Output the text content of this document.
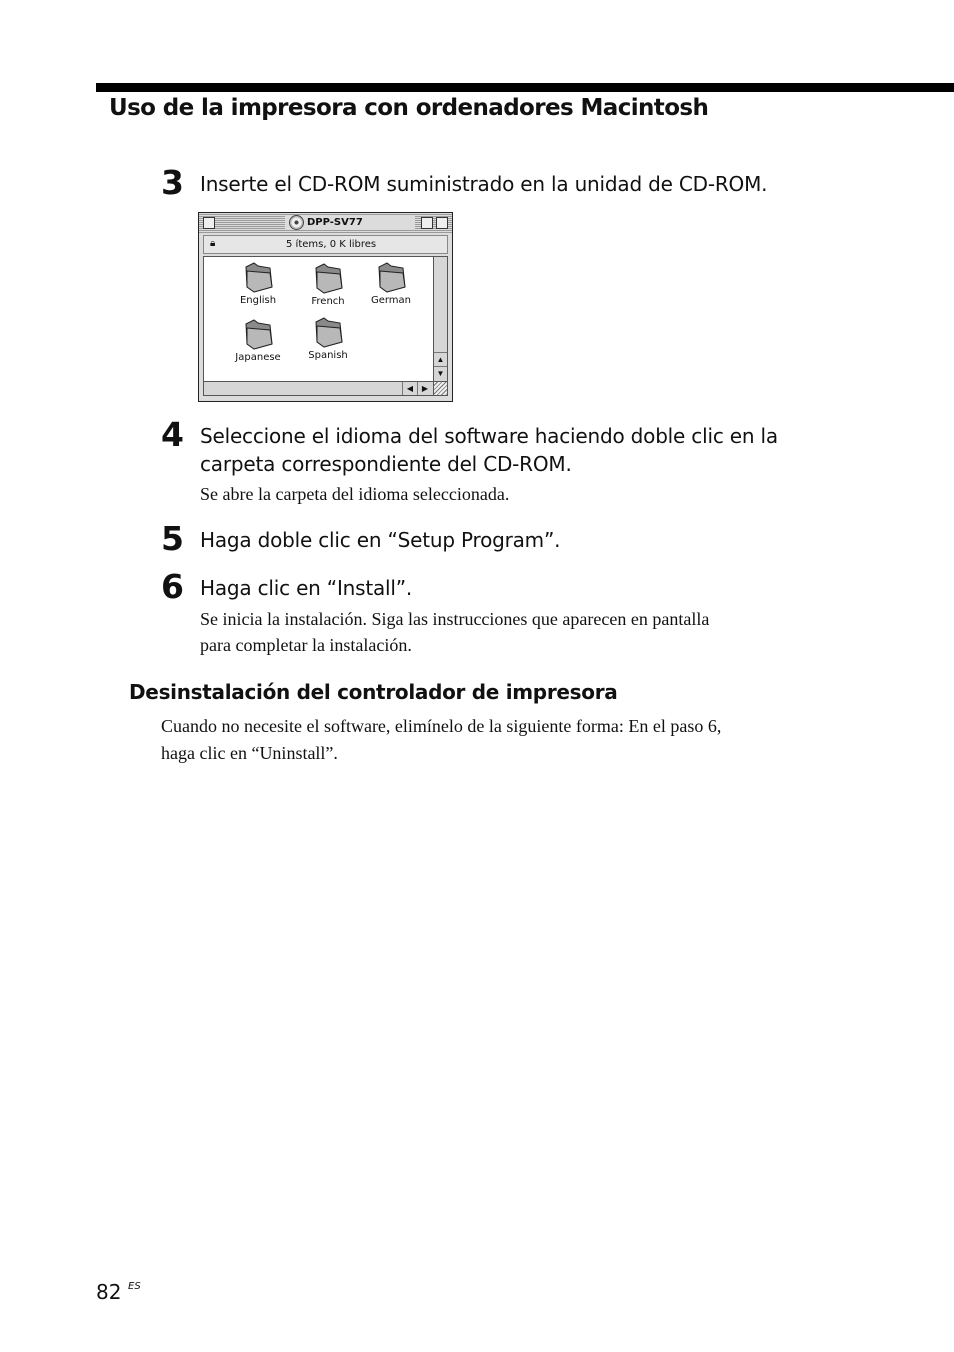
Uso de la impresora con ordenadores Macintosh
3 Inserte el CD-ROM suministrado en la unidad de CD-ROM.
DPP-SV77
🔒︎	5 ítems, 0 K libres
English	French	German
Japanese	Spanish	▲
▼
◀	▶
4 Seleccione el idioma del software haciendo doble clic en la
carpeta correspondiente del CD-ROM.
Se abre la carpeta del idioma seleccionada.
5 Haga doble clic en “Setup Program”.
6 Haga clic en “Install”.
Se inicia la instalación. Siga las instrucciones que aparecen en pantalla
para completar la instalación.
Desinstalación del controlador de impresora
Cuando no necesite el software, elimínelo de la siguiente forma: En el paso 6,
haga clic en “Uninstall”.
82 ES
